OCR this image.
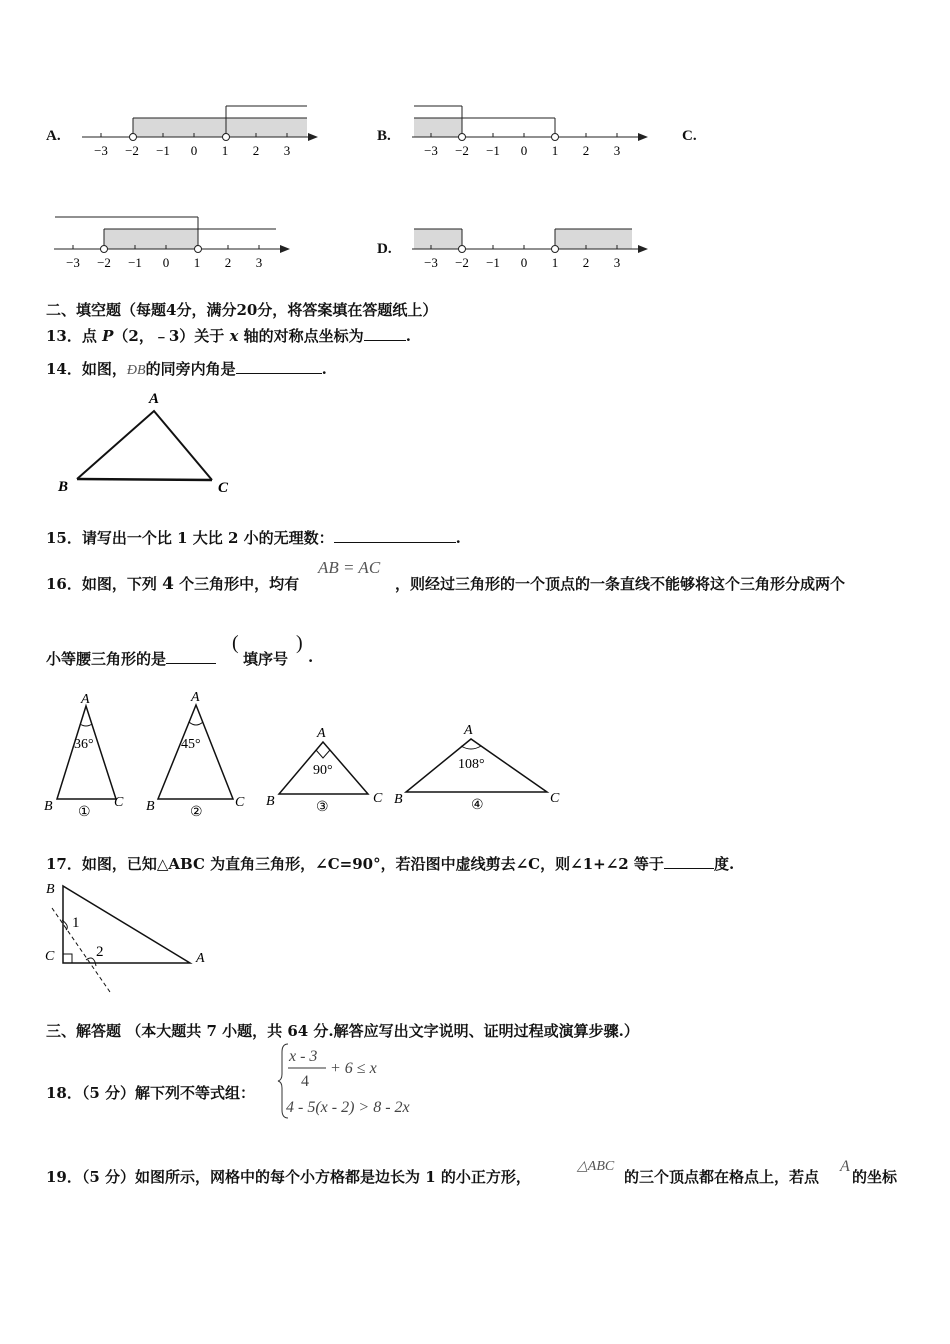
A.
−3 −2 −1 0 1 2 3
B.
−3 −2 −1 0 1 2 3
C.
−3 −2 −1 0 1 2 3
D.
−3 −2 −1 0 1 2 3
二、填空题（每题4分，满分20分，将答案填在答题纸上）
13．点 P（2，﹣3）关于 x 轴的对称点坐标为	.
14．如图，ÐB的同旁内角是	.
A
B	C
15．请写出一个比 1 大比 2 小的无理数：	.
16．如图，下列 4 个三角形中，均有
AB = AC
，则经过三角形的一个顶点的一条直线不能够将这个三角形分成两个
小等腰三角形的是
(
填序号
)
.
A
36°
B	C
①
A
45°
B	C
②
A
90°
B	C
③
A
108°
B	C
④
17．如图，已知△ABC 为直角三角形，∠C=90°，若沿图中虚线剪去∠C，则∠1+∠2 等于	度.
B
C	A
1
2
三、解答题 （本大题共 7 小题，共 64 分.解答应写出文字说明、证明过程或演算步骤.）
18．（5 分）解下列不等式组：
x - 3
4
+ 6 ≤ x
4 - 5(x - 2) > 8 - 2x
19．（5 分）如图所示，网格中的每个小方格都是边长为 1 的小正方形，
△ABC
的三个顶点都在格点上，若点
A
的坐标
